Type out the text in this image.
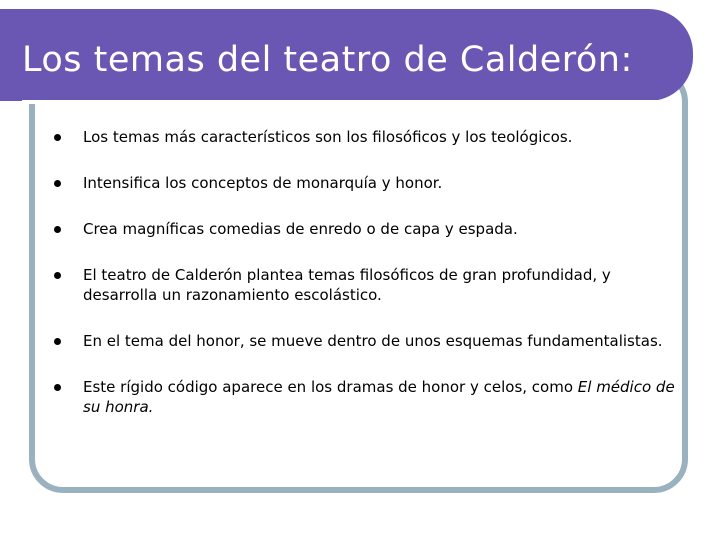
Los temas del teatro de Calderón:
Los temas más característicos son los filosóficos y los teológicos.
Intensifica los conceptos de monarquía y honor.
Crea magníficas comedias de enredo o de capa y espada.
El teatro de Calderón plantea temas filosóficos de gran profundidad, y desarrolla un razonamiento escolástico.
En el tema del honor, se mueve dentro de unos esquemas fundamentalistas.
Este rígido código aparece en los dramas de honor y celos, como El médico de su honra.
